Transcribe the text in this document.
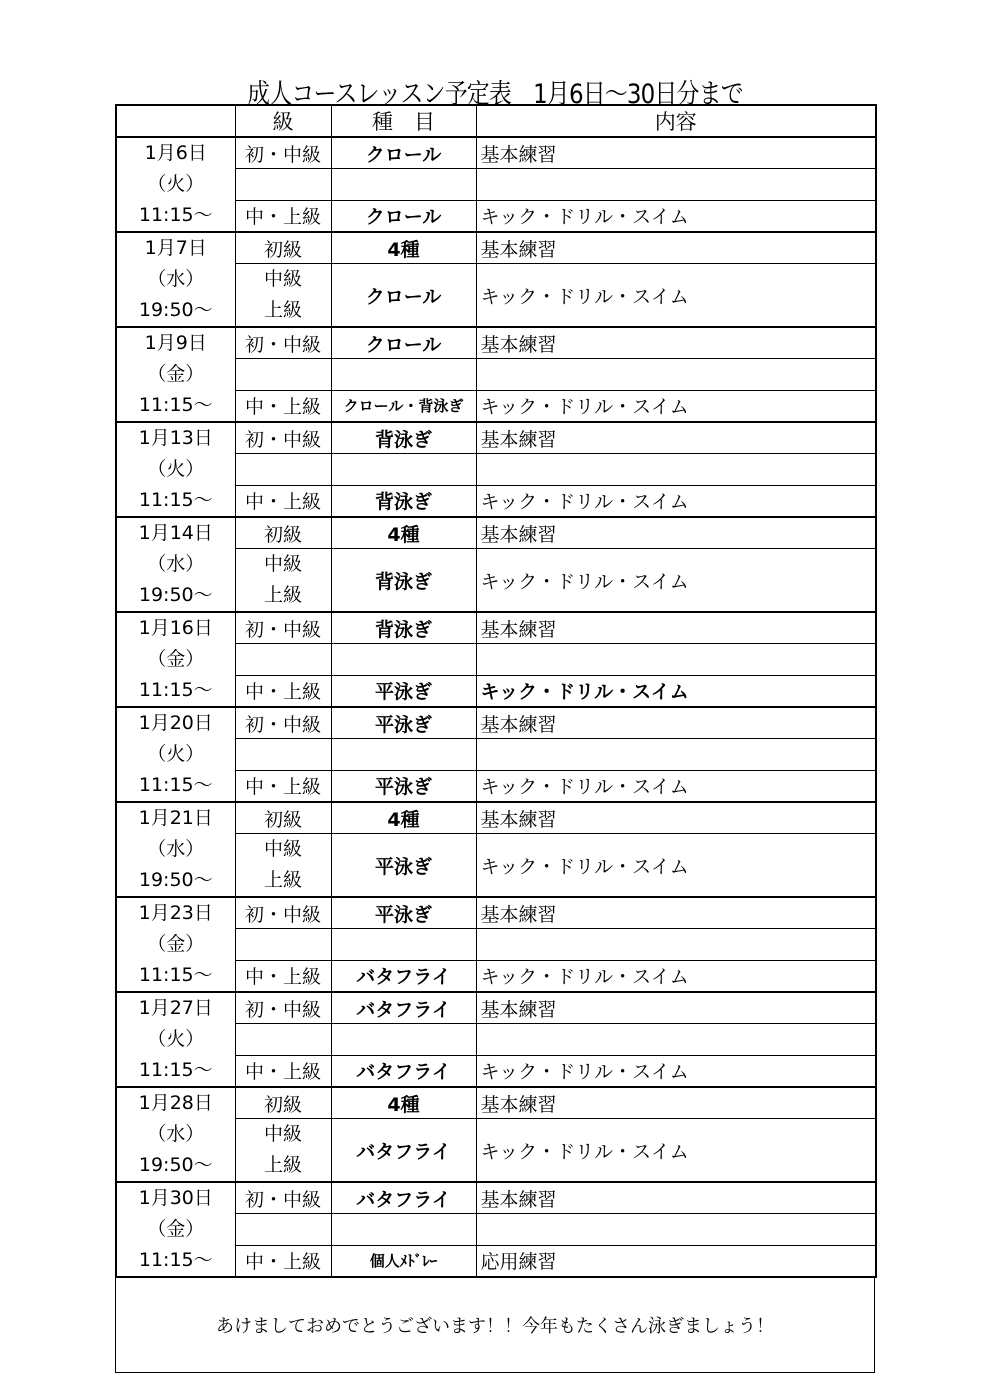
成人コースレッスン予定表　1月6日～30日分まで
	級	種　目	内容

1月6日
（火）
11:15～	初・中級	クロール	基本練習

	中・上級	クロール	キック・ドリル・スイム

1月7日
（水）
19:50～	初級	4種	基本練習

	中級
上級	クロール	キック・ドリル・スイム

1月9日
（金）
11:15～	初・中級	クロール	基本練習

	中・上級	クロール・背泳ぎ	キック・ドリル・スイム

1月13日
（火）
11:15～	初・中級	背泳ぎ	基本練習

	中・上級	背泳ぎ	キック・ドリル・スイム

1月14日
（水）
19:50～	初級	4種	基本練習

	中級
上級	背泳ぎ	キック・ドリル・スイム

1月16日
（金）
11:15～	初・中級	背泳ぎ	基本練習

	中・上級	平泳ぎ	キック・ドリル・スイム

1月20日
（火）
11:15～	初・中級	平泳ぎ	基本練習

	中・上級	平泳ぎ	キック・ドリル・スイム

1月21日
（水）
19:50～	初級	4種	基本練習

	中級
上級	平泳ぎ	キック・ドリル・スイム

1月23日
（金）
11:15～	初・中級	平泳ぎ	基本練習

	中・上級	バタフライ	キック・ドリル・スイム

1月27日
（火）
11:15～	初・中級	バタフライ	基本練習

	中・上級	バタフライ	キック・ドリル・スイム

1月28日
（水）
19:50～	初級	4種	基本練習

	中級
上級	バタフライ	キック・ドリル・スイム

1月30日
（金）
11:15～	初・中級	バタフライ	基本練習

	中・上級	個人ﾒﾄﾞﾚｰ	応用練習
あけましておめでとうございます！！今年もたくさん泳ぎましょう！
